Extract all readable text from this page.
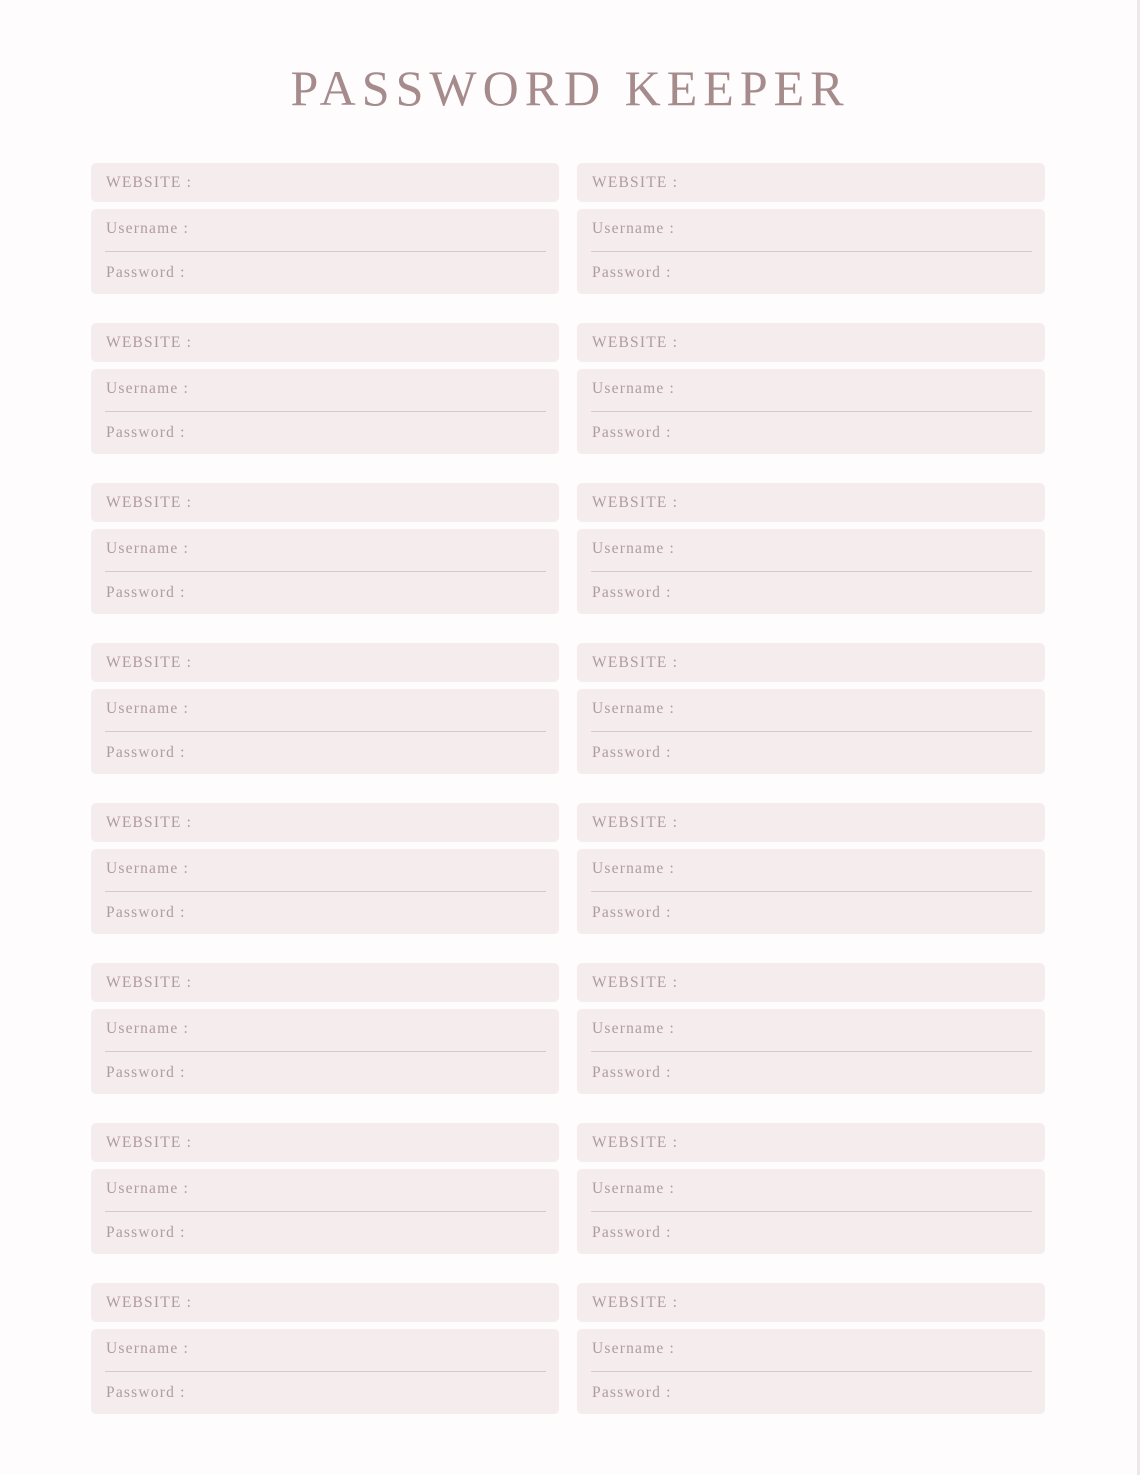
PASSWORD KEEPER
WEBSITE :
Username :
Password :
WEBSITE :
Username :
Password :
WEBSITE :
Username :
Password :
WEBSITE :
Username :
Password :
WEBSITE :
Username :
Password :
WEBSITE :
Username :
Password :
WEBSITE :
Username :
Password :
WEBSITE :
Username :
Password :
WEBSITE :
Username :
Password :
WEBSITE :
Username :
Password :
WEBSITE :
Username :
Password :
WEBSITE :
Username :
Password :
WEBSITE :
Username :
Password :
WEBSITE :
Username :
Password :
WEBSITE :
Username :
Password :
WEBSITE :
Username :
Password :
